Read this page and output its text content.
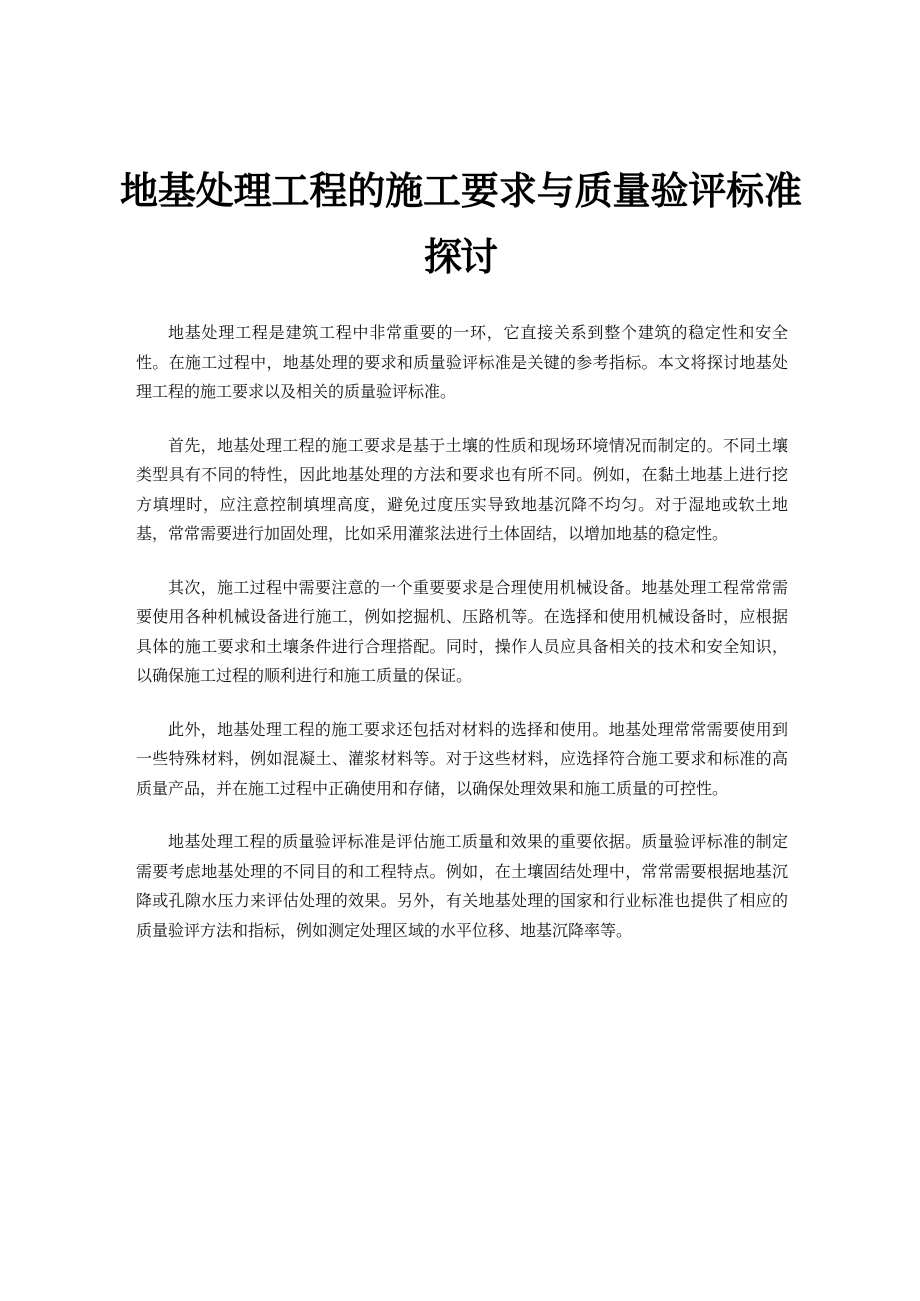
地基处理工程的施工要求与质量验评标准探讨

地基处理工程是建筑工程中非常重要的一环，它直接关系到整个建筑的稳定性和安全性。在施工过程中，地基处理的要求和质量验评标准是关键的参考指标。本文将探讨地基处理工程的施工要求以及相关的质量验评标准。

首先，地基处理工程的施工要求是基于土壤的性质和现场环境情况而制定的。不同土壤类型具有不同的特性，因此地基处理的方法和要求也有所不同。例如，在黏土地基上进行挖方填埋时，应注意控制填埋高度，避免过度压实导致地基沉降不均匀。对于湿地或软土地基，常常需要进行加固处理，比如采用灌浆法进行土体固结，以增加地基的稳定性。

其次，施工过程中需要注意的一个重要要求是合理使用机械设备。地基处理工程常常需要使用各种机械设备进行施工，例如挖掘机、压路机等。在选择和使用机械设备时，应根据具体的施工要求和土壤条件进行合理搭配。同时，操作人员应具备相关的技术和安全知识，以确保施工过程的顺利进行和施工质量的保证。

此外，地基处理工程的施工要求还包括对材料的选择和使用。地基处理常常需要使用到一些特殊材料，例如混凝土、灌浆材料等。对于这些材料，应选择符合施工要求和标准的高质量产品，并在施工过程中正确使用和存储，以确保处理效果和施工质量的可控性。

地基处理工程的质量验评标准是评估施工质量和效果的重要依据。质量验评标准的制定需要考虑地基处理的不同目的和工程特点。例如，在土壤固结处理中，常常需要根据地基沉降或孔隙水压力来评估处理的效果。另外，有关地基处理的国家和行业标准也提供了相应的质量验评方法和指标，例如测定处理区域的水平位移、地基沉降率等。
